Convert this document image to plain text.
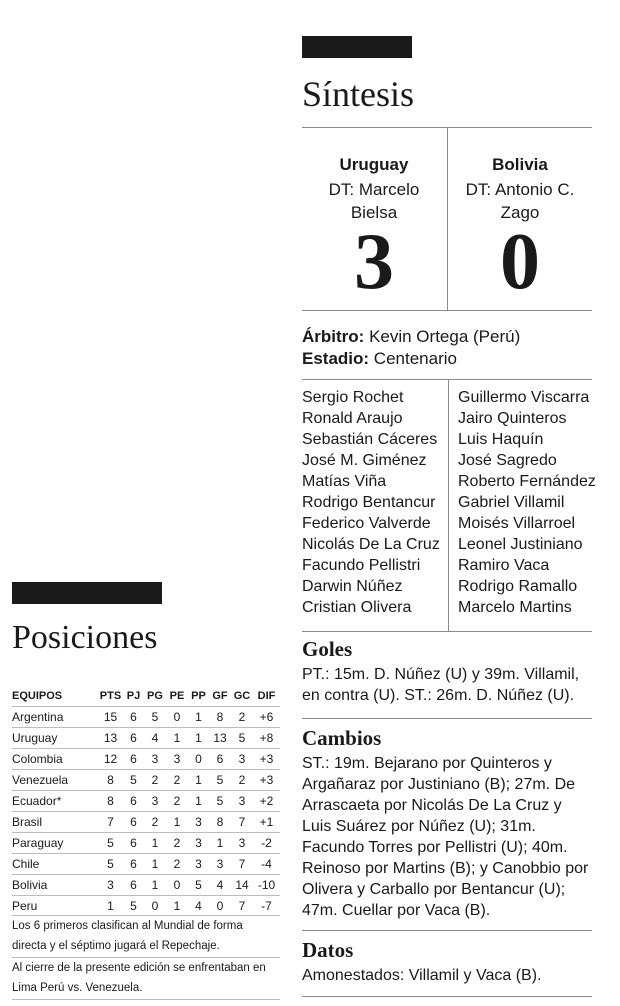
Síntesis
Uruguay
DT: Marcelo Bielsa
Bolivia
DT: Antonio C. Zago
3	0
Árbitro: Kevin Ortega (Perú)
Estadio: Centenario
Sergio Rochet
Ronald Araujo
Sebastián Cáceres
José M. Giménez
Matías Viña
Rodrigo Bentancur
Federico Valverde
Nicolás De La Cruz
Facundo Pellistri
Darwin Núñez
Cristian Olivera
Guillermo Viscarra
Jairo Quinteros
Luis Haquín
José Sagredo
Roberto Fernández
Gabriel Villamil
Moisés Villarroel
Leonel Justiniano
Ramiro Vaca
Rodrigo Ramallo
Marcelo Martins
Goles

PT.: 15m. D. Núñez (U) y 39m. Villamil, en contra (U). ST.: 26m. D. Núñez (U).

Cambios

ST.: 19m. Bejarano por Quinteros y Argañaraz por Justiniano (B); 27m. De Arrascaeta por Nicolás De La Cruz y Luis Suárez por Núñez (U); 31m. Facundo Torres por Pellistri (U); 40m. Reinoso por Martins (B); y Canobbio por Olivera y Carballo por Bentancur (U); 47m. Cuellar por Vaca (B).

Datos

Amonestados: Villamil y Vaca (B).

Posiciones
EQUIPOS	PTS	PJ	PG	PE	PP	GF	GC	DIF
Argentina	15	6	5	0	1	8	2	+6
Uruguay	13	6	4	1	1	13	5	+8
Colombia	12	6	3	3	0	6	3	+3
Venezuela	8	5	2	2	1	5	2	+3
Ecuador*	8	6	3	2	1	5	3	+2
Brasil	7	6	2	1	3	8	7	+1
Paraguay	5	6	1	2	3	1	3	-2
Chile	5	6	1	2	3	3	7	-4
Bolivia	3	6	1	0	5	4	14	-10
Peru	1	5	0	1	4	0	7	-7

Los 6 primeros clasifican al Mundial de forma directa y el séptimo jugará el Repechaje.

Al cierre de la presente edición se enfrentaban en Lima Perú vs. Venezuela.
